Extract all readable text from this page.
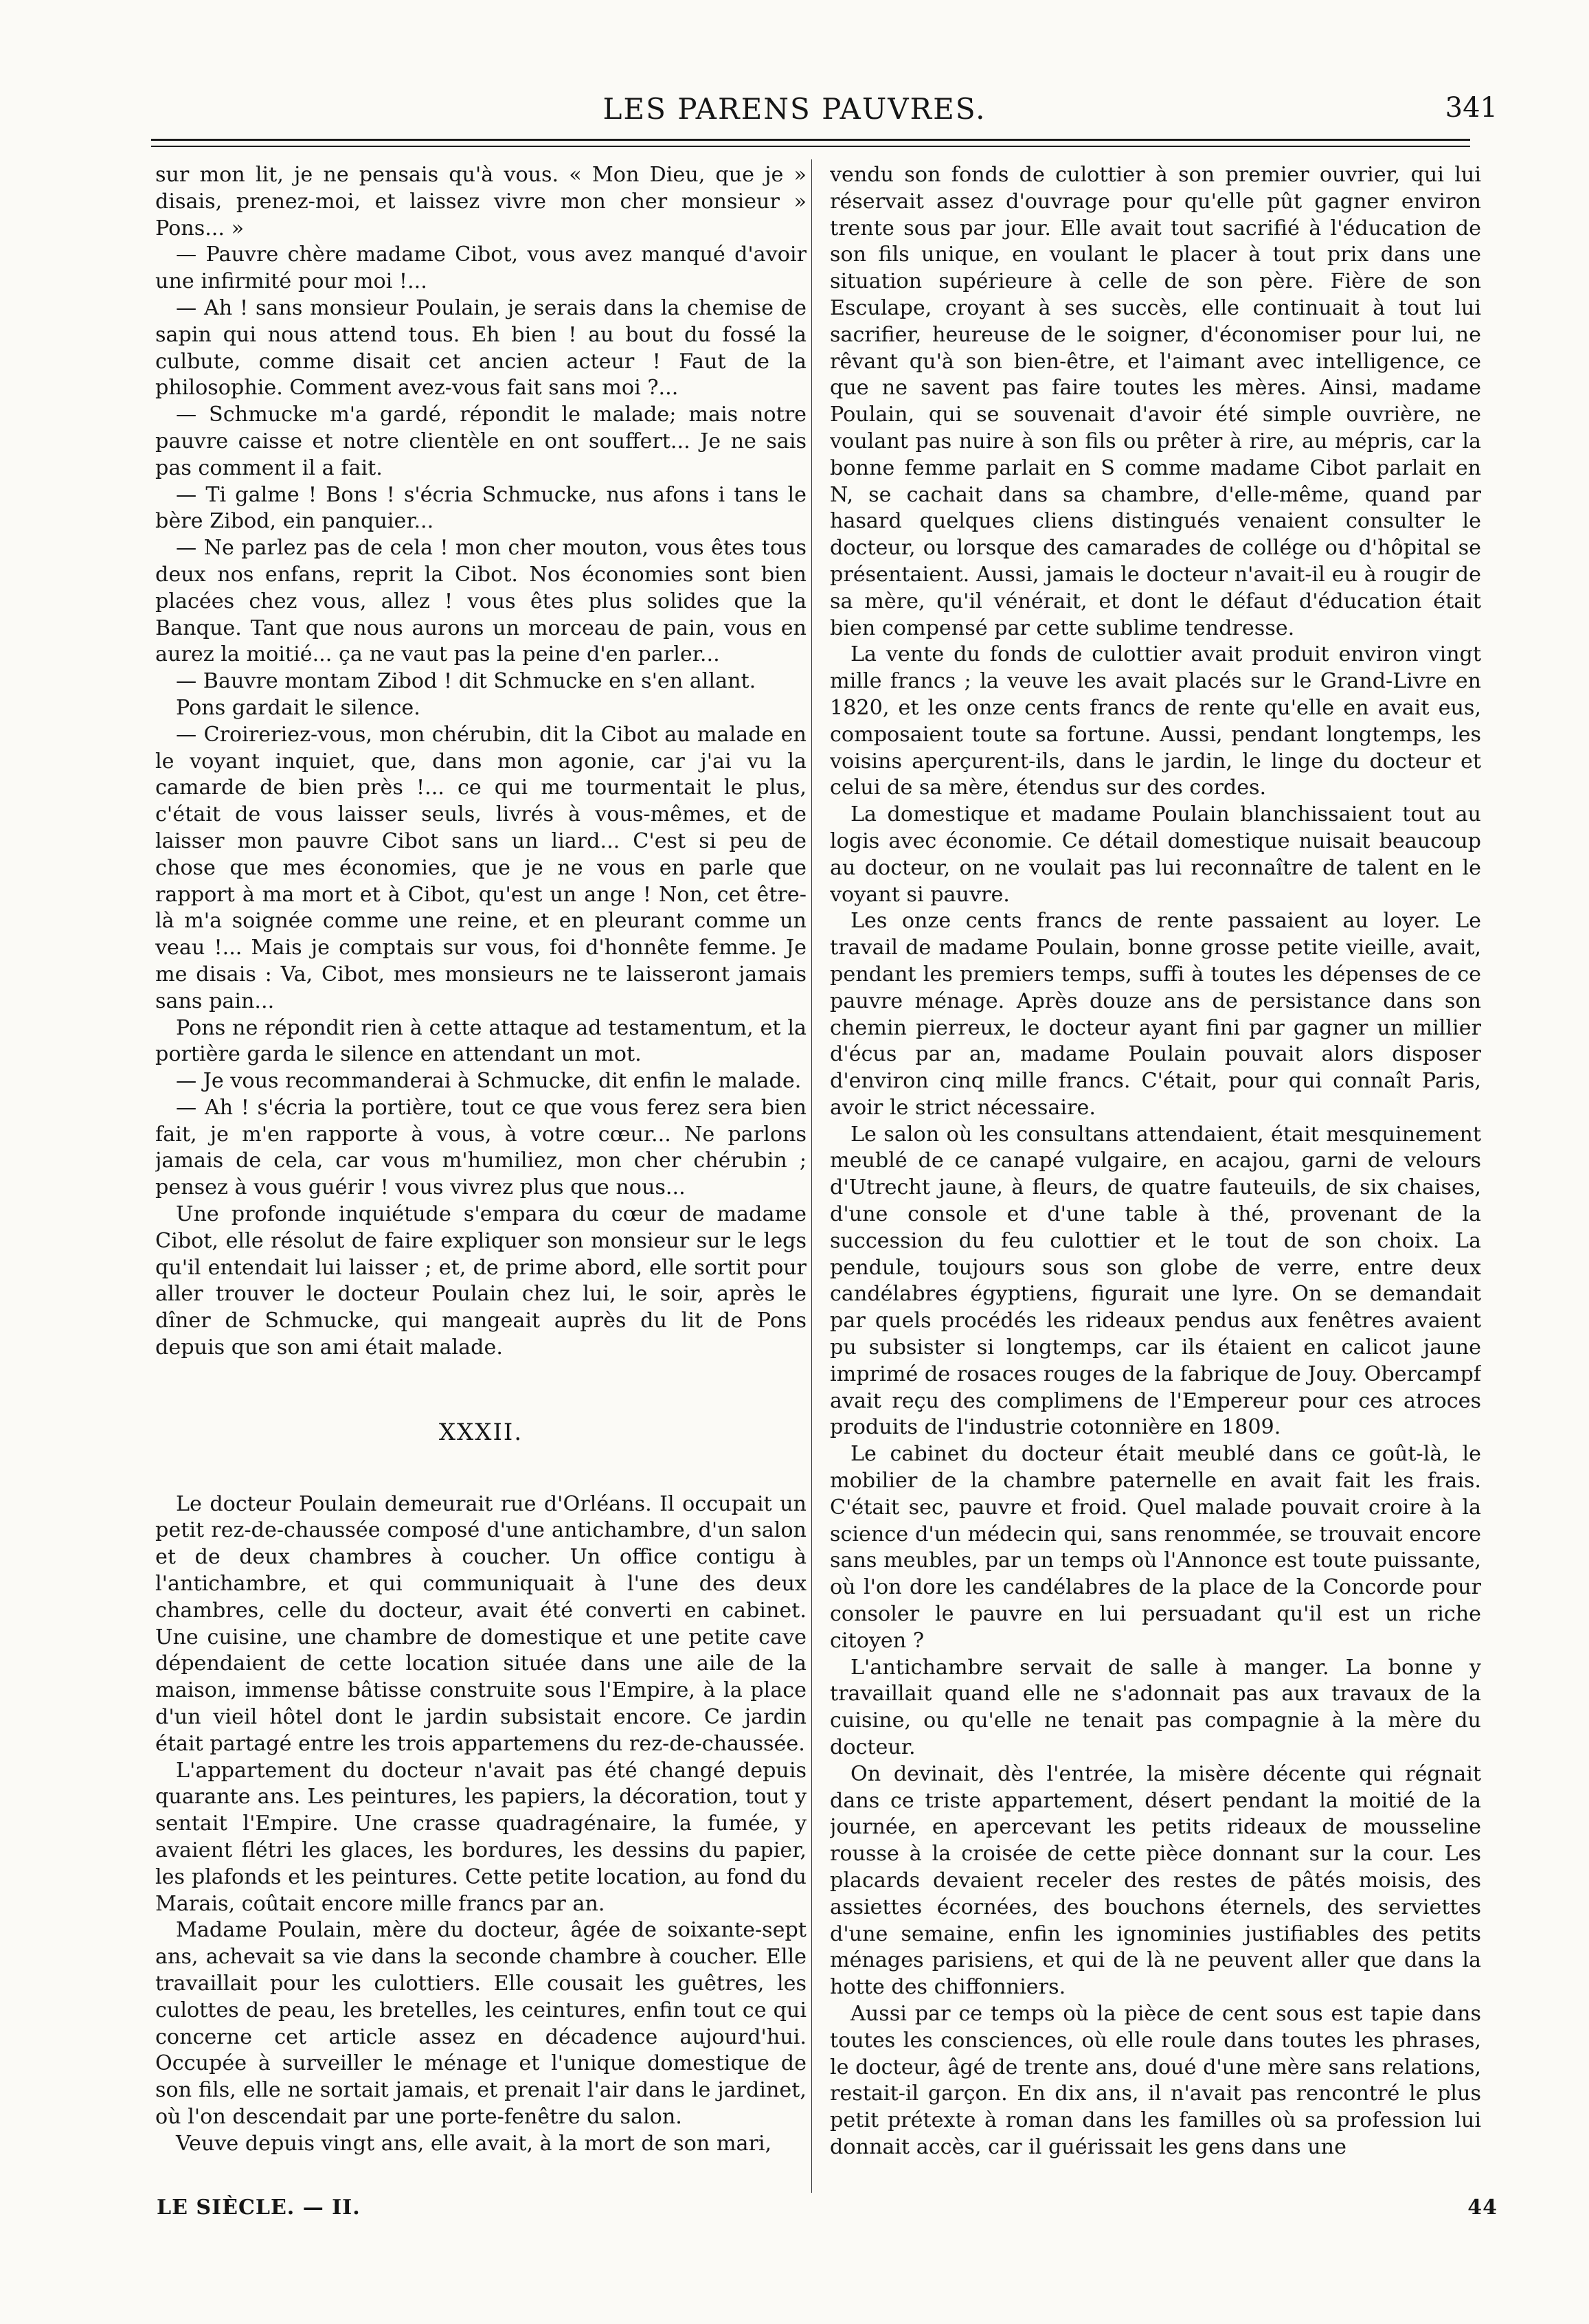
LES PARENS PAUVRES.	341

sur mon lit, je ne pensais qu'à vous. « Mon Dieu, que je » disais, prenez-moi, et laissez vivre mon cher monsieur » Pons... »

— Pauvre chère madame Cibot, vous avez manqué d'avoir une infirmité pour moi !...

— Ah ! sans monsieur Poulain, je serais dans la chemise de sapin qui nous attend tous. Eh bien ! au bout du fossé la culbute, comme disait cet ancien acteur ! Faut de la philosophie. Comment avez-vous fait sans moi ?...

— Schmucke m'a gardé, répondit le malade; mais notre pauvre caisse et notre clientèle en ont souffert... Je ne sais pas comment il a fait.

— Ti galme ! Bons ! s'écria Schmucke, nus afons i tans le bère Zibod, ein panquier...

— Ne parlez pas de cela ! mon cher mouton, vous êtes tous deux nos enfans, reprit la Cibot. Nos économies sont bien placées chez vous, allez ! vous êtes plus solides que la Banque. Tant que nous aurons un morceau de pain, vous en aurez la moitié... ça ne vaut pas la peine d'en parler...

— Bauvre montam Zibod ! dit Schmucke en s'en allant.

Pons gardait le silence.

— Croireriez-vous, mon chérubin, dit la Cibot au malade en le voyant inquiet, que, dans mon agonie, car j'ai vu la camarde de bien près !... ce qui me tourmentait le plus, c'était de vous laisser seuls, livrés à vous-mêmes, et de laisser mon pauvre Cibot sans un liard... C'est si peu de chose que mes économies, que je ne vous en parle que rapport à ma mort et à Cibot, qu'est un ange ! Non, cet être-là m'a soignée comme une reine, et en pleurant comme un veau !... Mais je comptais sur vous, foi d'honnête femme. Je me disais : Va, Cibot, mes monsieurs ne te laisseront jamais sans pain...

Pons ne répondit rien à cette attaque ad testamentum, et la portière garda le silence en attendant un mot.

— Je vous recommanderai à Schmucke, dit enfin le malade.

— Ah ! s'écria la portière, tout ce que vous ferez sera bien fait, je m'en rapporte à vous, à votre cœur... Ne parlons jamais de cela, car vous m'humiliez, mon cher chérubin ; pensez à vous guérir ! vous vivrez plus que nous...

Une profonde inquiétude s'empara du cœur de madame Cibot, elle résolut de faire expliquer son monsieur sur le legs qu'il entendait lui laisser ; et, de prime abord, elle sortit pour aller trouver le docteur Poulain chez lui, le soir, après le dîner de Schmucke, qui mangeait auprès du lit de Pons depuis que son ami était malade.

XXXII.

Le docteur Poulain demeurait rue d'Orléans. Il occupait un petit rez-de-chaussée composé d'une antichambre, d'un salon et de deux chambres à coucher. Un office contigu à l'antichambre, et qui communiquait à l'une des deux chambres, celle du docteur, avait été converti en cabinet. Une cuisine, une chambre de domestique et une petite cave dépendaient de cette location située dans une aile de la maison, immense bâtisse construite sous l'Empire, à la place d'un vieil hôtel dont le jardin subsistait encore. Ce jardin était partagé entre les trois appartemens du rez-de-chaussée.

L'appartement du docteur n'avait pas été changé depuis quarante ans. Les peintures, les papiers, la décoration, tout y sentait l'Empire. Une crasse quadragénaire, la fumée, y avaient flétri les glaces, les bordures, les dessins du papier, les plafonds et les peintures. Cette petite location, au fond du Marais, coûtait encore mille francs par an.

Madame Poulain, mère du docteur, âgée de soixante-sept ans, achevait sa vie dans la seconde chambre à coucher. Elle travaillait pour les culottiers. Elle cousait les guêtres, les culottes de peau, les bretelles, les ceintures, enfin tout ce qui concerne cet article assez en décadence aujourd'hui. Occupée à surveiller le ménage et l'unique domestique de son fils, elle ne sortait jamais, et prenait l'air dans le jardinet, où l'on descendait par une porte-fenêtre du salon.

Veuve depuis vingt ans, elle avait, à la mort de son mari,

vendu son fonds de culottier à son premier ouvrier, qui lui réservait assez d'ouvrage pour qu'elle pût gagner environ trente sous par jour. Elle avait tout sacrifié à l'éducation de son fils unique, en voulant le placer à tout prix dans une situation supérieure à celle de son père. Fière de son Esculape, croyant à ses succès, elle continuait à tout lui sacrifier, heureuse de le soigner, d'économiser pour lui, ne rêvant qu'à son bien-être, et l'aimant avec intelligence, ce que ne savent pas faire toutes les mères. Ainsi, madame Poulain, qui se souvenait d'avoir été simple ouvrière, ne voulant pas nuire à son fils ou prêter à rire, au mépris, car la bonne femme parlait en S comme madame Cibot parlait en N, se cachait dans sa chambre, d'elle-même, quand par hasard quelques cliens distingués venaient consulter le docteur, ou lorsque des camarades de collége ou d'hôpital se présentaient. Aussi, jamais le docteur n'avait-il eu à rougir de sa mère, qu'il vénérait, et dont le défaut d'éducation était bien compensé par cette sublime tendresse.

La vente du fonds de culottier avait produit environ vingt mille francs ; la veuve les avait placés sur le Grand-Livre en 1820, et les onze cents francs de rente qu'elle en avait eus, composaient toute sa fortune. Aussi, pendant longtemps, les voisins aperçurent-ils, dans le jardin, le linge du docteur et celui de sa mère, étendus sur des cordes.

La domestique et madame Poulain blanchissaient tout au logis avec économie. Ce détail domestique nuisait beaucoup au docteur, on ne voulait pas lui reconnaître de talent en le voyant si pauvre.

Les onze cents francs de rente passaient au loyer. Le travail de madame Poulain, bonne grosse petite vieille, avait, pendant les premiers temps, suffi à toutes les dépenses de ce pauvre ménage. Après douze ans de persistance dans son chemin pierreux, le docteur ayant fini par gagner un millier d'écus par an, madame Poulain pouvait alors disposer d'environ cinq mille francs. C'était, pour qui connaît Paris, avoir le strict nécessaire.

Le salon où les consultans attendaient, était mesquinement meublé de ce canapé vulgaire, en acajou, garni de velours d'Utrecht jaune, à fleurs, de quatre fauteuils, de six chaises, d'une console et d'une table à thé, provenant de la succession du feu culottier et le tout de son choix. La pendule, toujours sous son globe de verre, entre deux candélabres égyptiens, figurait une lyre. On se demandait par quels procédés les rideaux pendus aux fenêtres avaient pu subsister si longtemps, car ils étaient en calicot jaune imprimé de rosaces rouges de la fabrique de Jouy. Obercampf avait reçu des complimens de l'Empereur pour ces atroces produits de l'industrie cotonnière en 1809.

Le cabinet du docteur était meublé dans ce goût-là, le mobilier de la chambre paternelle en avait fait les frais. C'était sec, pauvre et froid. Quel malade pouvait croire à la science d'un médecin qui, sans renommée, se trouvait encore sans meubles, par un temps où l'Annonce est toute puissante, où l'on dore les candélabres de la place de la Concorde pour consoler le pauvre en lui persuadant qu'il est un riche citoyen ?

L'antichambre servait de salle à manger. La bonne y travaillait quand elle ne s'adonnait pas aux travaux de la cuisine, ou qu'elle ne tenait pas compagnie à la mère du docteur.

On devinait, dès l'entrée, la misère décente qui régnait dans ce triste appartement, désert pendant la moitié de la journée, en apercevant les petits rideaux de mousseline rousse à la croisée de cette pièce donnant sur la cour. Les placards devaient receler des restes de pâtés moisis, des assiettes écornées, des bouchons éternels, des serviettes d'une semaine, enfin les ignominies justifiables des petits ménages parisiens, et qui de là ne peuvent aller que dans la hotte des chiffonniers.

Aussi par ce temps où la pièce de cent sous est tapie dans toutes les consciences, où elle roule dans toutes les phrases, le docteur, âgé de trente ans, doué d'une mère sans relations, restait-il garçon. En dix ans, il n'avait pas rencontré le plus petit prétexte à roman dans les familles où sa profession lui donnait accès, car il guérissait les gens dans une

LE SIÈCLE. — II.	44
